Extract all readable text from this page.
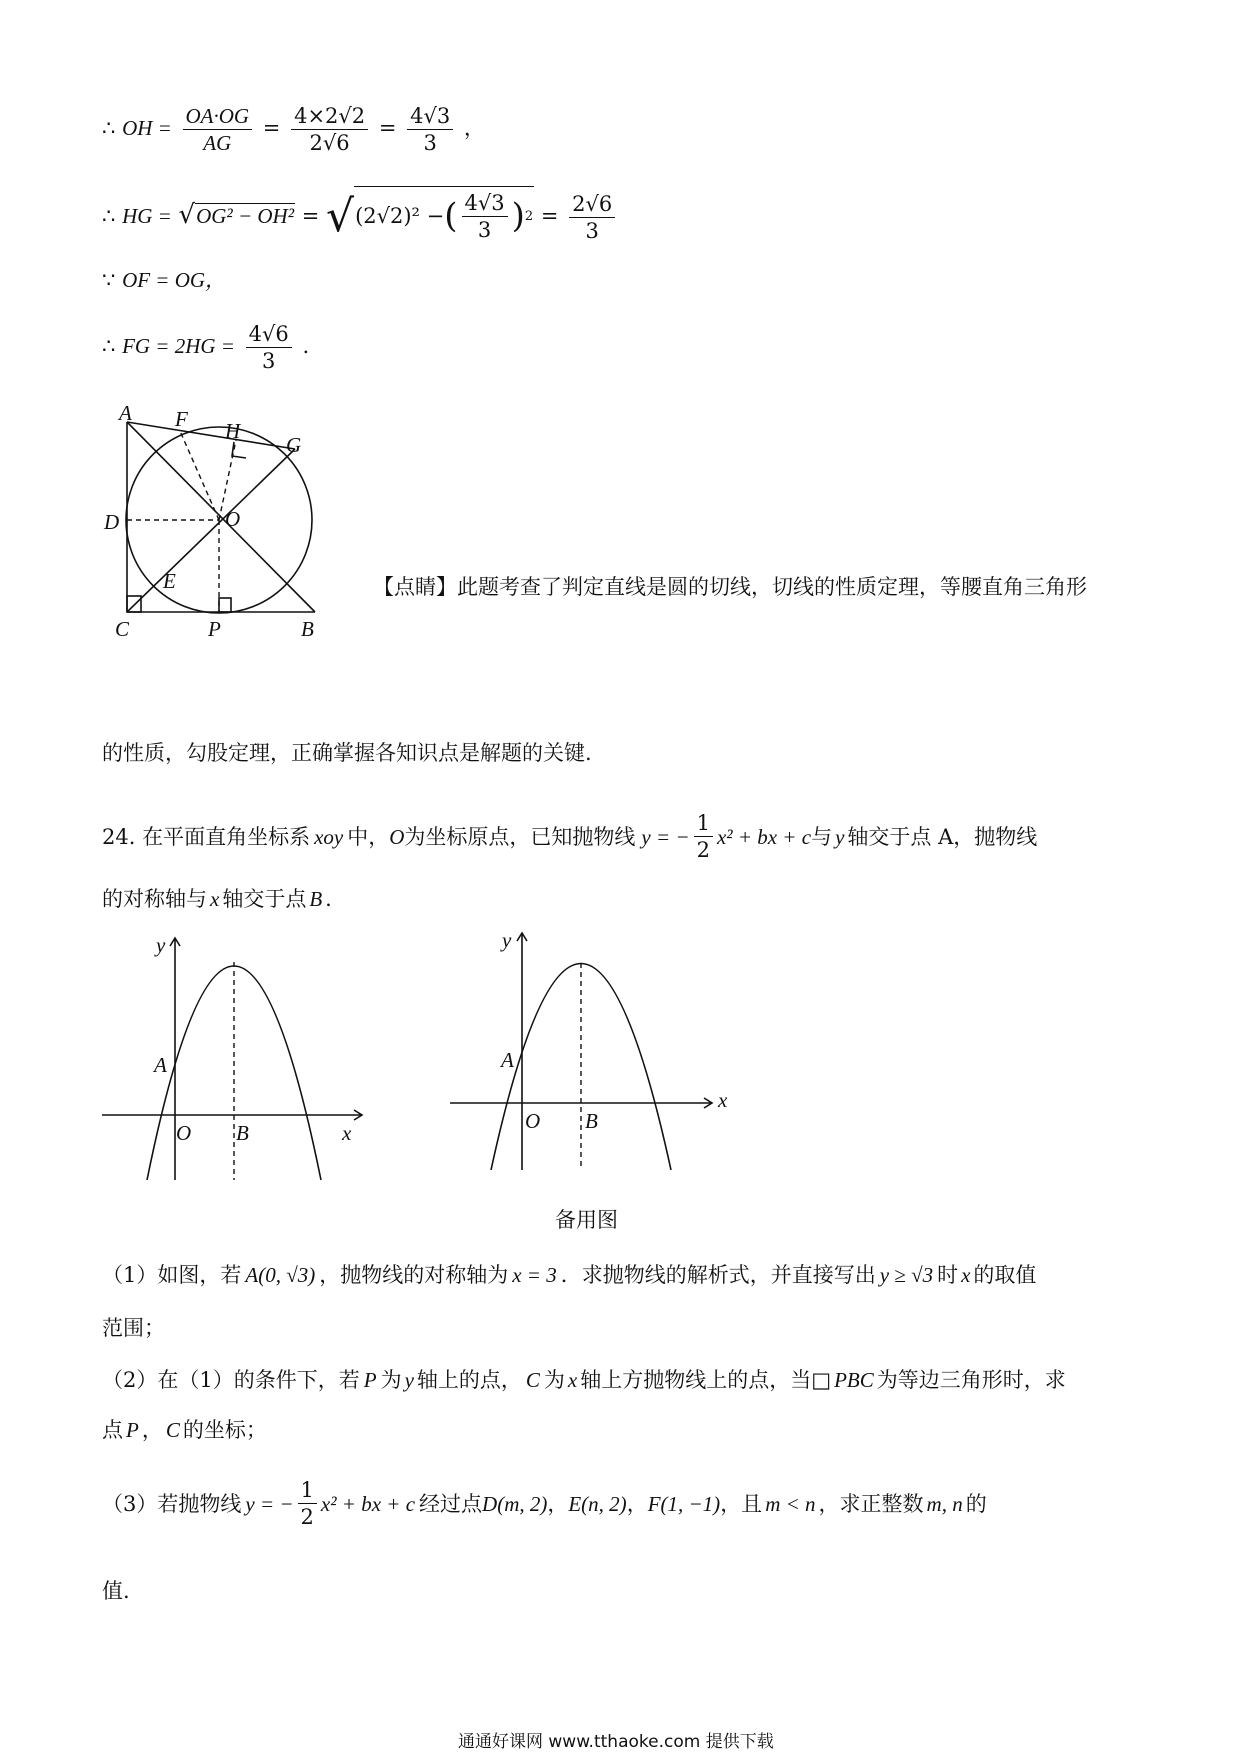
∴ OH = $\frac{OA\cdot OG}{AG} = \frac{4\times 2√2}{2√6} = \frac{4√3}{3}$ ，
∴ HG = √OG² − OH² = √ (2√2)² − ( $\frac{4√3}{3}$ ) $2 = \frac{2√6}{3}$
∵ OF = OG，
∴ FG = $2HG = \frac{4√6}{3}$ .
A F H
G
D	O
E
C	P	B
【点睛】此题考查了判定直线是圆的切线，切线的性质定理，等腰直角三角形
的性质，勾股定理，正确掌握各知识点是解题的关键.
24. 在平面直角坐标系 xoy 中， O 为坐标原点，已知抛物线 y = − $\frac{1}{2} x^2$ + bx + c 与 y 轴交于点 A，抛物线
的对称轴与 x 轴交于点 B .
y
x
A
O B
y
x
A
O B
备用图
（1）如图，若 A(0, √3) ，抛物线的对称轴为 x = 3 ．求抛物线的解析式，并直接写出 y ≥ √3 时 x 的取值
范围；
（2）在（1）的条件下，若 P 为 y 轴上的点， C 为 x 轴上方抛物线上的点，当□ PBC 为等边三角形时，求
点 P ， C 的坐标；
（3）若抛物线 y = − $\frac{1}{2} x^2$ + bx + c 经过点 D(m, 2) ， E(n, 2) ， F(1, −1) ，且 m < n ，求正整数 m, n 的
值.
通通好课网 www.tthaoke.com 提供下载
